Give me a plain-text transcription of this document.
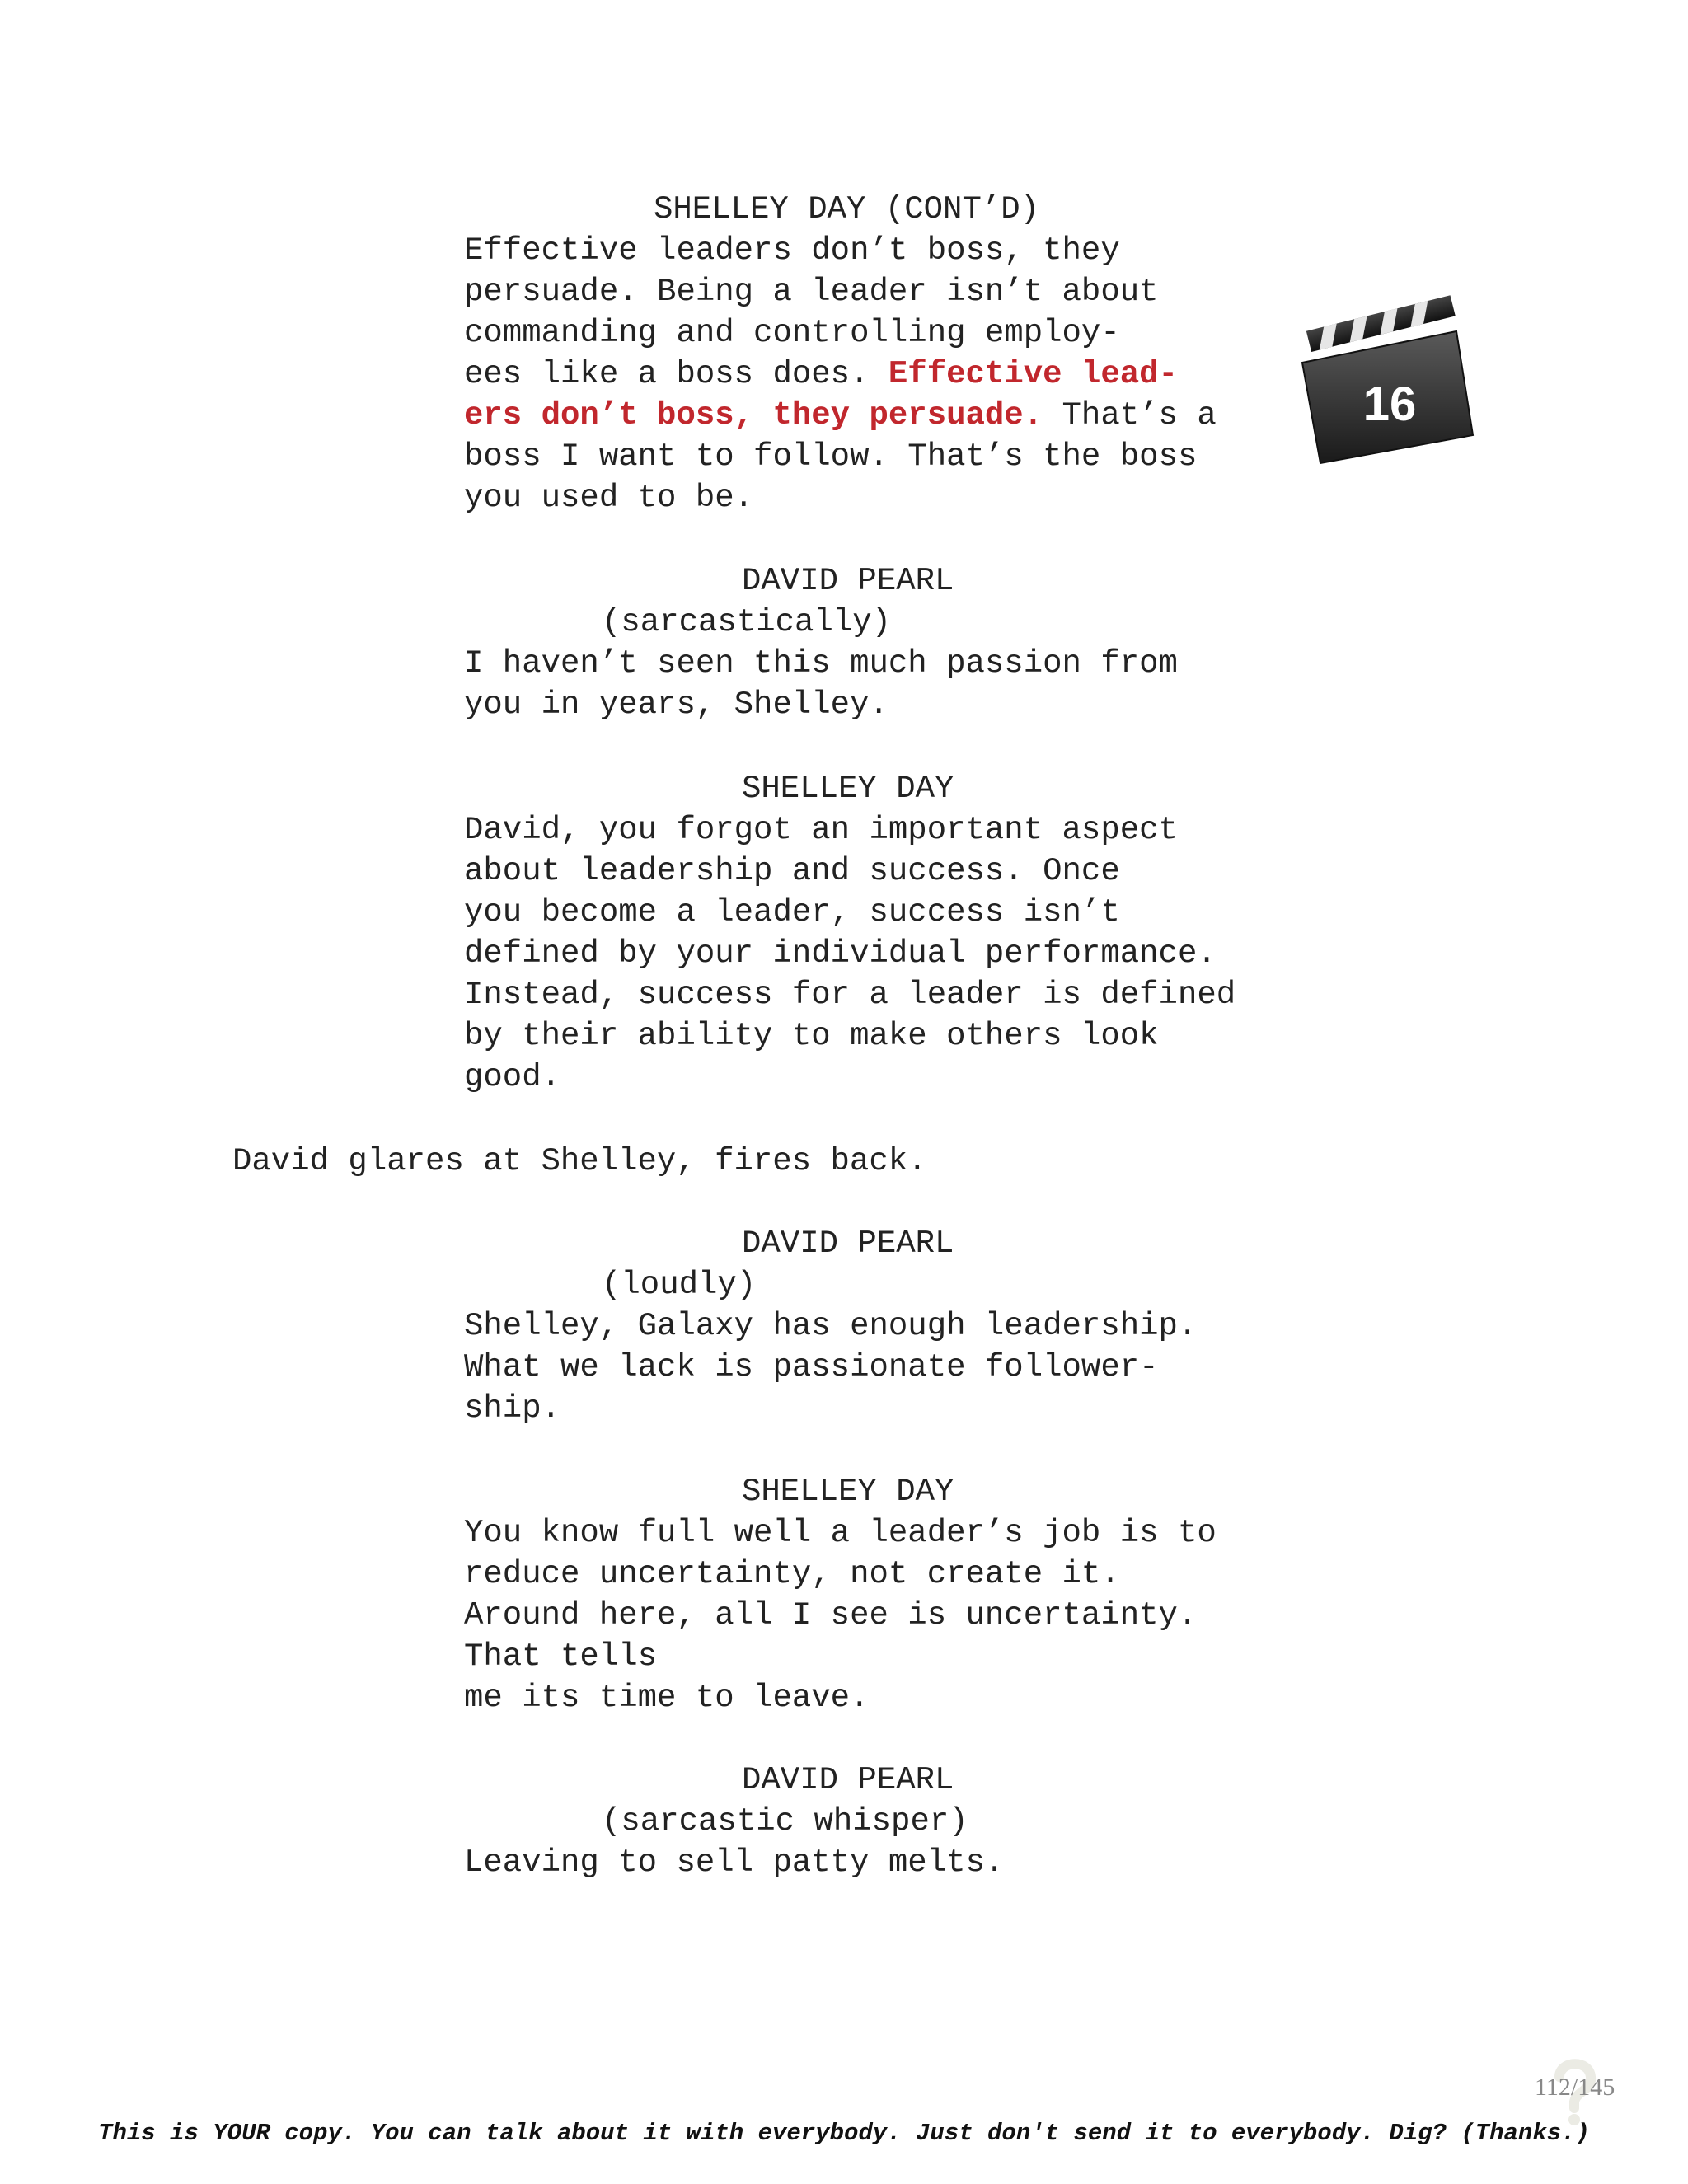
SHELLEY DAY (CONT’D)
Effective leaders don’t boss, they
persuade. Being a leader isn’t about
commanding and controlling employ-
ees like a boss does. Effective lead-
ers don’t boss, they persuade. That’s a
boss I want to follow. That’s the boss
you used to be.
DAVID PEARL
(sarcastically)
I haven’t seen this much passion from
you in years, Shelley.
SHELLEY DAY
David, you forgot an important aspect
about leadership and success. Once
you become a leader, success isn’t
defined by your individual performance.
Instead, success for a leader is defined
by their ability to make others look
good.
David glares at Shelley, fires back.
DAVID PEARL
(loudly)
Shelley, Galaxy has enough leadership.
What we lack is passionate follower-
ship.
SHELLEY DAY
You know full well a leader’s job is to
reduce uncertainty, not create it.
Around here, all I see is uncertainty.
That tells
me its time to leave.
DAVID PEARL
(sarcastic whisper)
Leaving to sell patty melts.
16
112/145
This is YOUR copy. You can talk about it with everybody. Just don't send it to everybody. Dig? (Thanks.)
